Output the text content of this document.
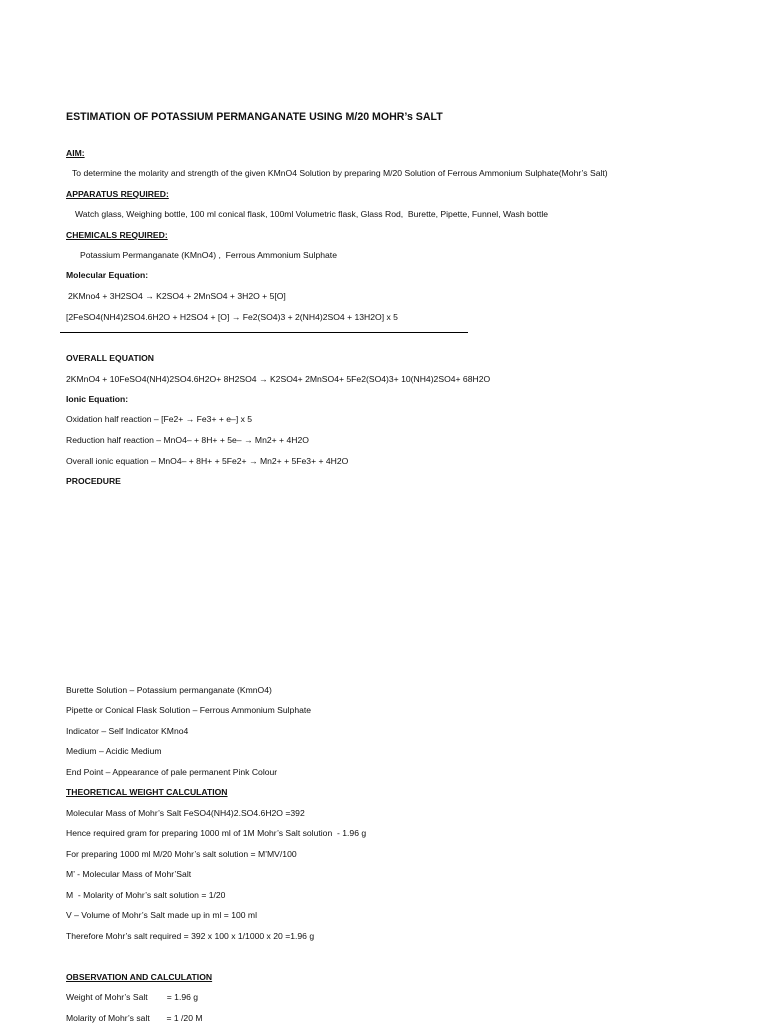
ESTIMATION OF POTASSIUM PERMANGANATE USING M/20 MOHR’s SALT
AIM:
To determine the molarity and strength of the given KMnO4 Solution by preparing M/20 Solution of Ferrous Ammonium Sulphate(Mohr’s Salt)
APPARATUS REQUIRED:
Watch glass, Weighing bottle, 100 ml conical flask, 100ml Volumetric flask, Glass Rod,  Burette, Pipette, Funnel, Wash bottle
CHEMICALS REQUIRED:
Potassium Permanganate (KMnO4) ,  Ferrous Ammonium Sulphate
Molecular Equation:
2KMno4 + 3H2SO4 → K2SO4 + 2MnSO4 + 3H2O + 5[O]
[2FeSO4(NH4)2SO4.6H2O + H2SO4 + [O] → Fe2(SO4)3 + 2(NH4)2SO4 + 13H2O] x 5
OVERALL EQUATION
2KMnO4 + 10FeSO4(NH4)2SO4.6H2O+ 8H2SO4 → K2SO4+ 2MnSO4+ 5Fe2(SO4)3+ 10(NH4)2SO4+ 68H2O
Ionic Equation:
Oxidation half reaction – [Fe2+ → Fe3+ + e–] x 5
Reduction half reaction – MnO4– + 8H+ + 5e– → Mn2+ + 4H2O
Overall ionic equation – MnO4– + 8H+ + 5Fe2+ → Mn2+ + 5Fe3+ + 4H2O
PROCEDURE
Burette Solution – Potassium permanganate (KmnO4)
Pipette or Conical Flask Solution – Ferrous Ammonium Sulphate
Indicator – Self Indicator KMno4
Medium – Acidic Medium
End Point – Appearance of pale permanent Pink Colour
THEORETICAL WEIGHT CALCULATION
Molecular Mass of Mohr’s Salt FeSO4(NH4)2.SO4.6H2O =392
Hence required gram for preparing 1000 ml of 1M Mohr’s Salt solution  - 1.96 g
For preparing 1000 ml M/20 Mohr’s salt solution = M’MV/100
M’ - Molecular Mass of Mohr’Salt
M  - Molarity of Mohr’s salt solution = 1/20
V – Volume of Mohr’s Salt made up in ml = 100 ml
Therefore Mohr’s salt required = 392 x 100 x 1/1000 x 20 =1.96 g
OBSERVATION AND CALCULATION
Weight of Mohr’s Salt        = 1.96 g
Molarity of Mohr’s salt       = 1 /20 M
